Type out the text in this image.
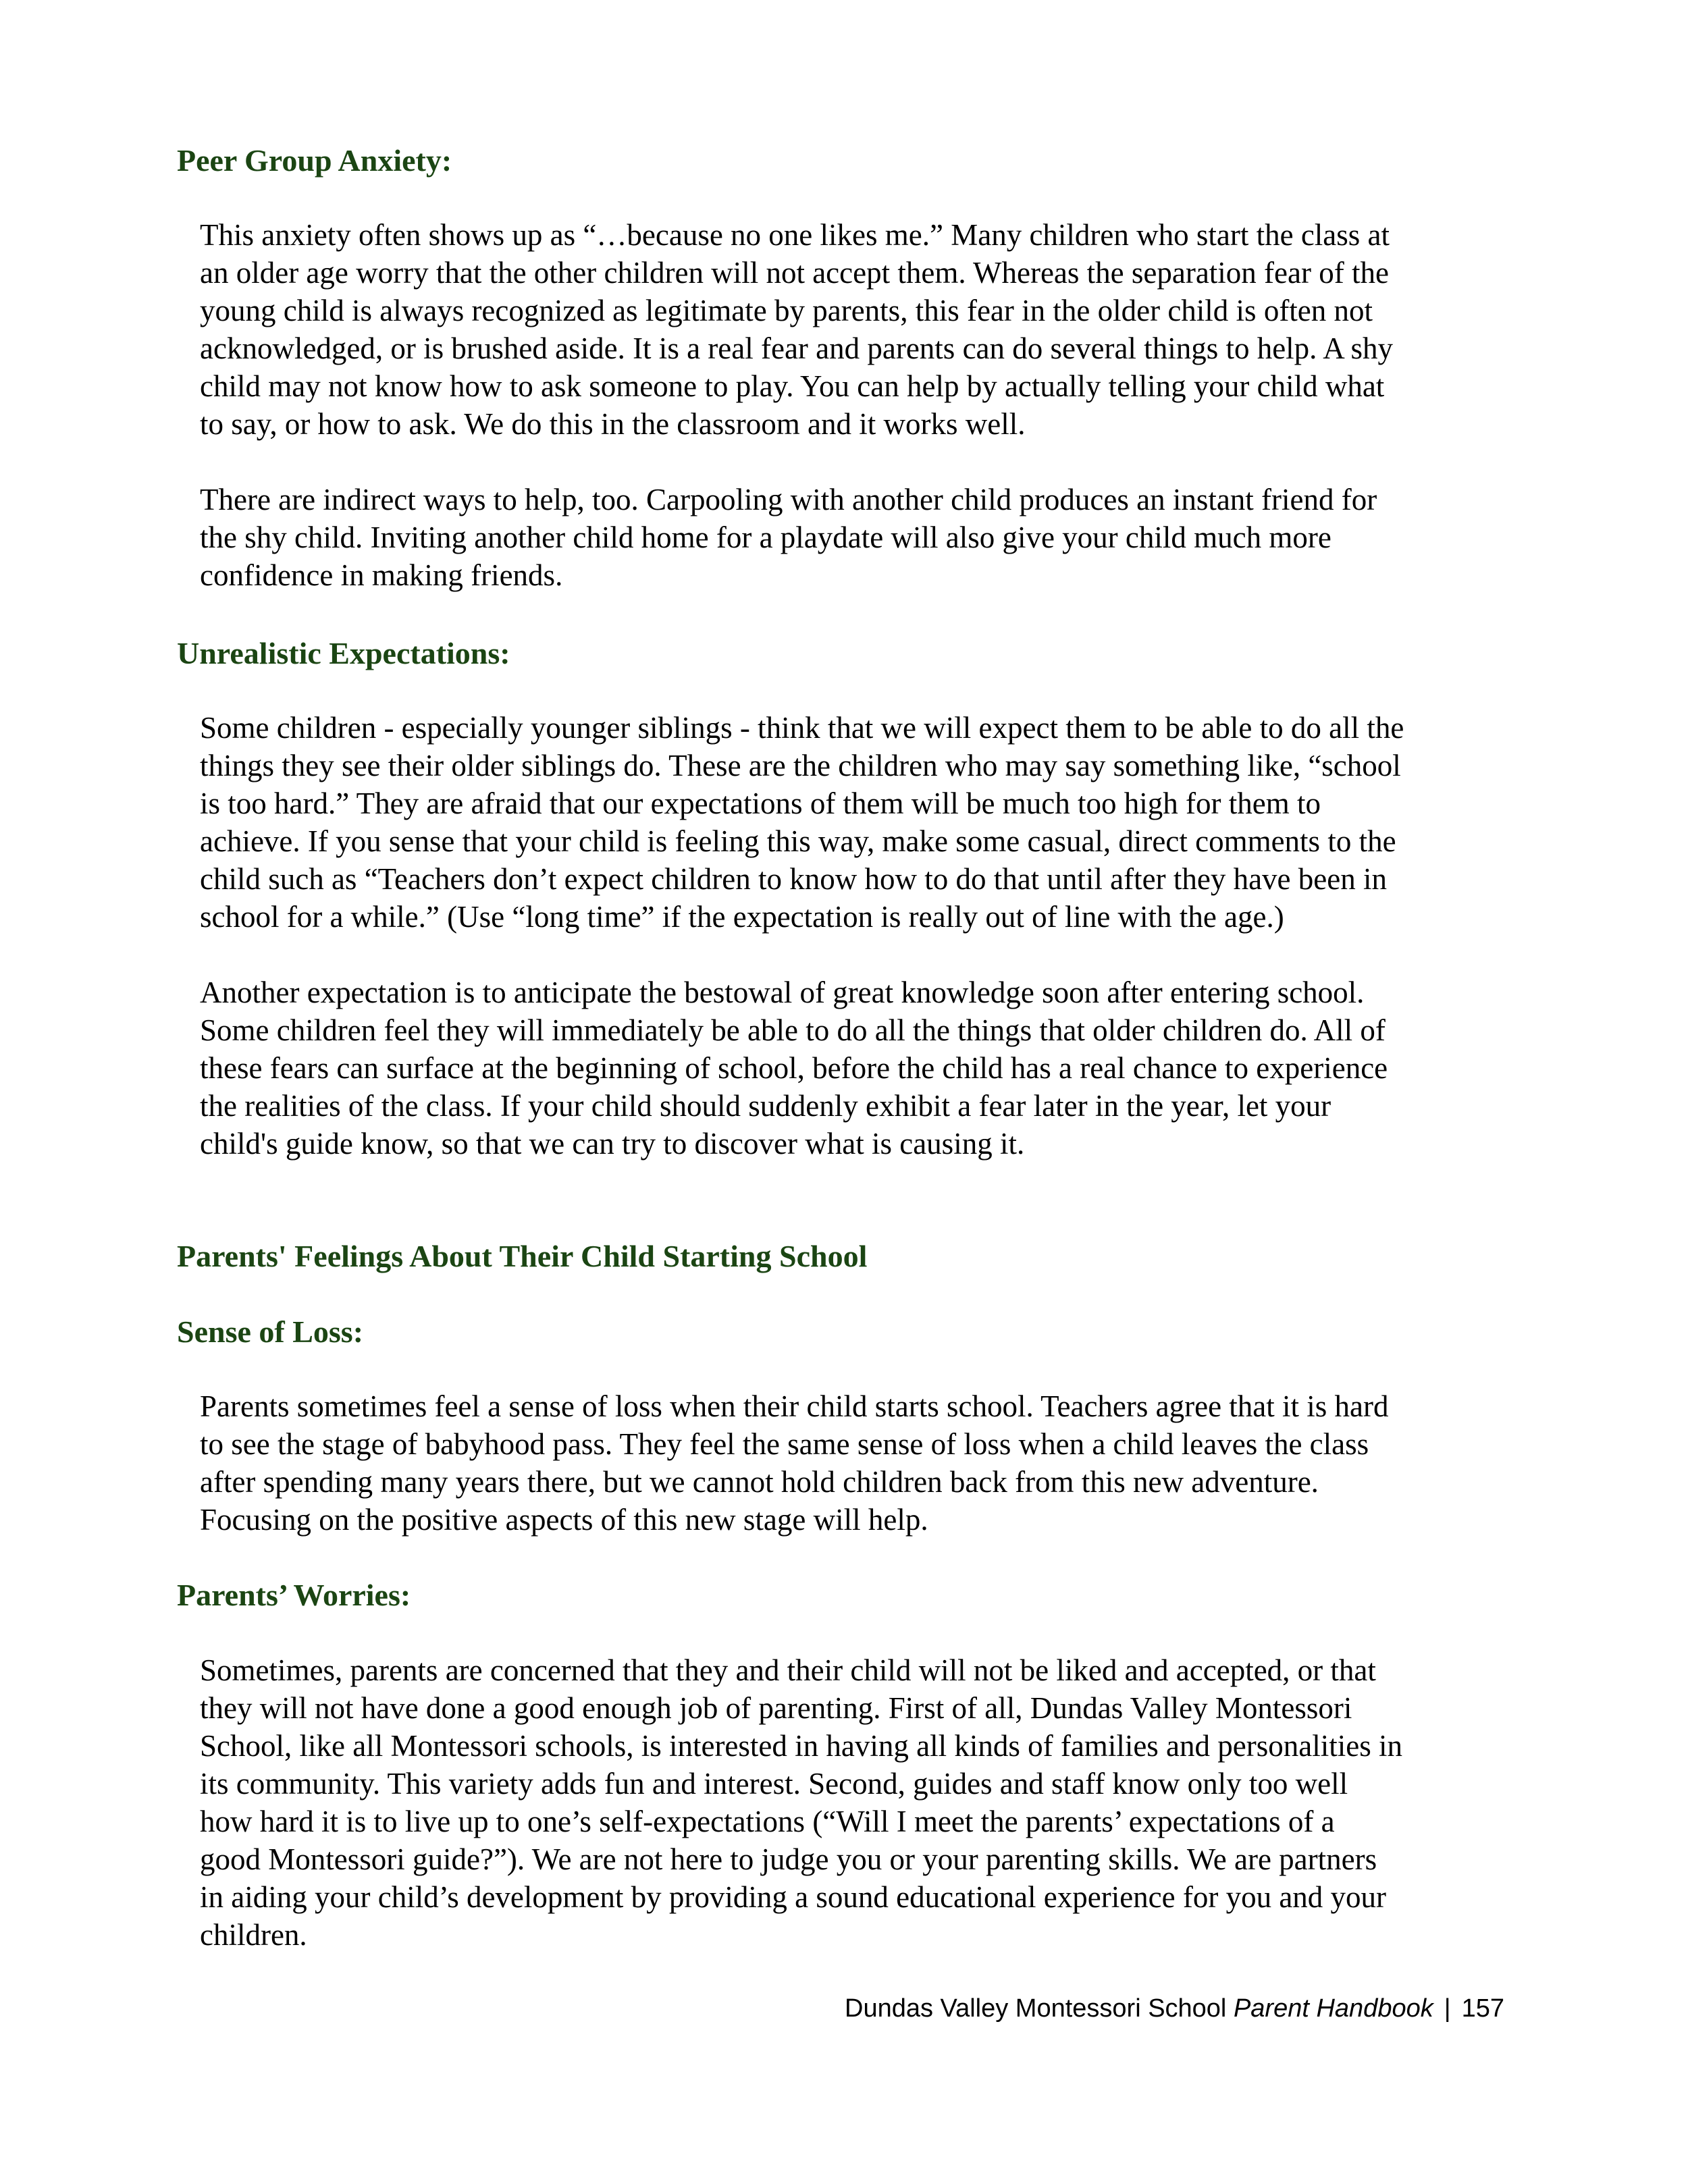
Peer Group Anxiety:

This anxiety often shows up as “…because no one likes me.” Many children who start the class at
an older age worry that the other children will not accept them. Whereas the separation fear of the
young child is always recognized as legitimate by parents, this fear in the older child is often not
acknowledged, or is brushed aside. It is a real fear and parents can do several things to help. A shy
child may not know how to ask someone to play. You can help by actually telling your child what
to say, or how to ask. We do this in the classroom and it works well.

There are indirect ways to help, too. Carpooling with another child produces an instant friend for
the shy child. Inviting another child home for a playdate will also give your child much more
confidence in making friends.

Unrealistic Expectations:

Some children - especially younger siblings - think that we will expect them to be able to do all the
things they see their older siblings do. These are the children who may say something like, “school
is too hard.” They are afraid that our expectations of them will be much too high for them to
achieve. If you sense that your child is feeling this way, make some casual, direct comments to the
child such as “Teachers don’t expect children to know how to do that until after they have been in
school for a while.” (Use “long time” if the expectation is really out of line with the age.)

Another expectation is to anticipate the bestowal of great knowledge soon after entering school.
Some children feel they will immediately be able to do all the things that older children do. All of
these fears can surface at the beginning of school, before the child has a real chance to experience
the realities of the class. If your child should suddenly exhibit a fear later in the year, let your
child's guide know, so that we can try to discover what is causing it.

Parents' Feelings About Their Child Starting School
Sense of Loss:

Parents sometimes feel a sense of loss when their child starts school. Teachers agree that it is hard
to see the stage of babyhood pass. They feel the same sense of loss when a child leaves the class
after spending many years there, but we cannot hold children back from this new adventure.
Focusing on the positive aspects of this new stage will help.

Parents’ Worries:

Sometimes, parents are concerned that they and their child will not be liked and accepted, or that
they will not have done a good enough job of parenting. First of all, Dundas Valley Montessori
School, like all Montessori schools, is interested in having all kinds of families and personalities in
its community. This variety adds fun and interest. Second, guides and staff know only too well
how hard it is to live up to one’s self-expectations (“Will I meet the parents’ expectations of a
good Montessori guide?”). We are not here to judge you or your parenting skills. We are partners
in aiding your child’s development by providing a sound educational experience for you and your
children.

Dundas Valley Montessori School Parent Handbook | 157
